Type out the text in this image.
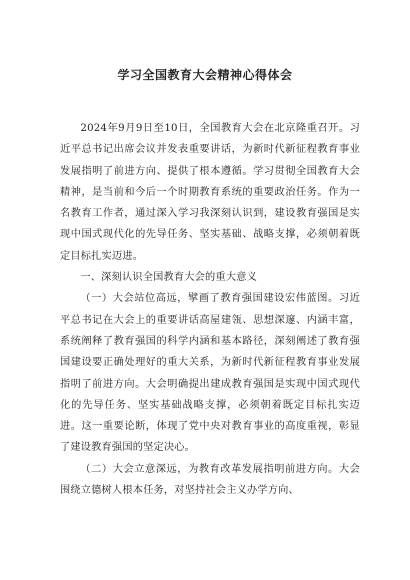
学习全国教育大会精神心得体会

2024年9月9日至10日，全国教育大会在北京隆重召开。习近平总书记出席会议并发表重要讲话，为新时代新征程教育事业发展指明了前进方向、提供了根本遵循。学习贯彻全国教育大会精神，是当前和今后一个时期教育系统的重要政治任务。作为一名教育工作者，通过深入学习我深刻认识到，建设教育强国是实现中国式现代化的先导任务、坚实基础、战略支撑，必须朝着既定目标扎实迈进。

一、深刻认识全国教育大会的重大意义

（一）大会站位高远，擘画了教育强国建设宏伟蓝图。习近平总书记在大会上的重要讲话高屋建瓴、思想深邃、内涵丰富，系统阐释了教育强国的科学内涵和基本路径，深刻阐述了教育强国建设要正确处理好的重大关系，为新时代新征程教育事业发展指明了前进方向。大会明确提出建成教育强国是实现中国式现代化的先导任务、坚实基础战略支撑，必须朝着既定目标扎实迈进。这一重要论断，体现了党中央对教育事业的高度重视，彰显了建设教育强国的坚定决心。

（二）大会立意深远，为教育改革发展指明前进方向。大会围绕立德树人根本任务，对坚持社会主义办学方向、
